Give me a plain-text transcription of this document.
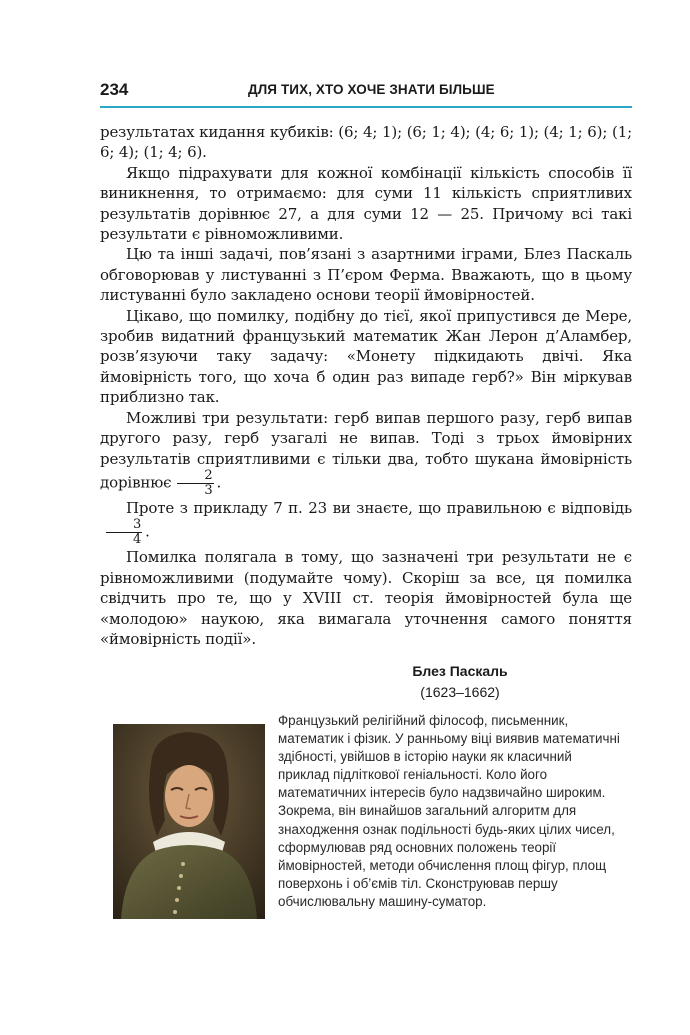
234	ДЛЯ ТИХ, ХТО ХОЧЕ ЗНАТИ БІЛЬШЕ

результатах кидання кубиків: (6; 4; 1); (6; 1; 4); (4; 6; 1); (4; 1; 6); (1; 6; 4); (1; 4; 6).

Якщо підрахувати для кожної комбінації кількість способів її виникнення, то отримаємо: для суми 11 кількість сприятливих результатів дорівнює 27, а для суми 12 — 25. Причому всі такі результати є рівноможливими.

Цю та інші задачі, пов’язані з азартними іграми, Блез Паскаль обговорював у листуванні з П’єром Ферма. Вважають, що в цьому листуванні було закладено основи теорії ймовірностей.

Цікаво, що помилку, подібну до тієї, якої припустився де Мере, зробив видатний французький математик Жан Лерон д’Аламбер, розв’язуючи таку задачу: «Монету підкидають двічі. Яка ймовірність того, що хоча б один раз випаде герб?» Він міркував приблизно так.

Можливі три результати: герб випав першого разу, герб випав другого разу, герб узагалі не випав. Тоді з трьох ймовірних результатів сприятливими є тільки два, тобто шукана ймовірність дорівнює $\frac{2}{3}$ .

Проте з прикладу 7 п. 23 ви знаєте, що правильною є відповідь
$\frac{3}{4}$ .

Помилка полягала в тому, що зазначені три результати не є рівноможливими (подумайте чому). Скоріш за все, ця помилка свідчить про те, що у XVIII ст. теорія ймовірностей була ще «молодою» наукою, яка вимагала уточнення самого поняття «ймовірність події».

Блез Паскаль
(1623–1662)
Французький релігійний філософ, письменник, математик і фізик. У ранньому віці виявив математичні здібності, увійшов в історію науки як класичний приклад підліткової геніальності. Коло його математичних інтересів було надзвичайно широким. Зокрема, він винайшов загальний алгоритм для знаходження ознак подільності будь-яких цілих чисел, сформулював ряд основних положень теорії ймовірностей, методи обчислення площ фігур, площ поверхонь і об’ємів тіл. Сконструював першу обчислювальну машину-суматор.
